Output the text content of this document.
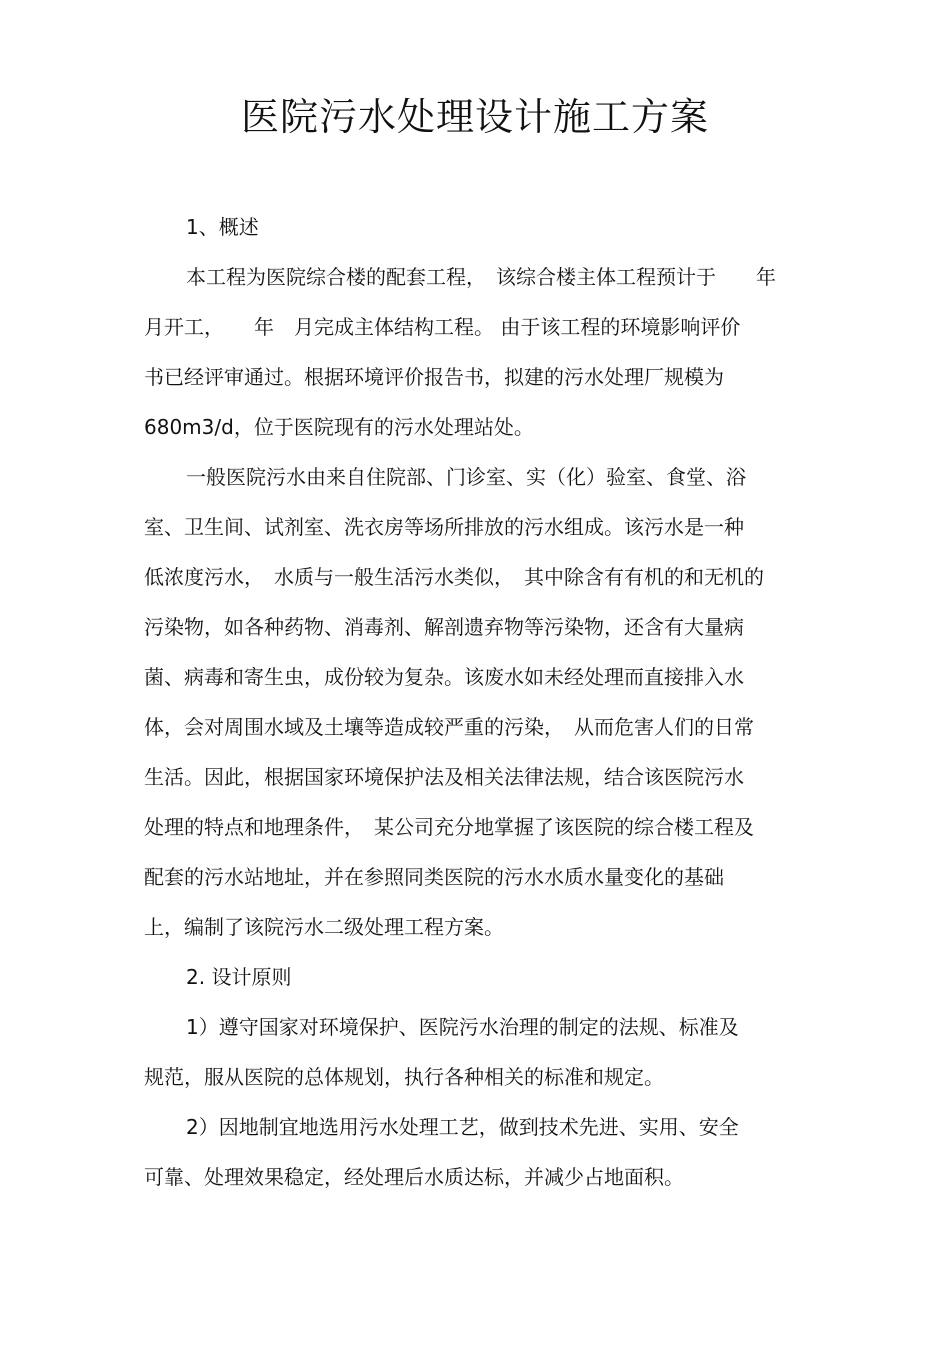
医院污水处理设计施工方案
1、概述
本工程为医院综合楼的配套工程，　该综合楼主体工程预计于　　年
月开工，　　年　月完成主体结构工程。 由于该工程的环境影响评价
书已经评审通过。根据环境评价报告书，拟建的污水处理厂规模为
680m3/d，位于医院现有的污水处理站处。
一般医院污水由来自住院部、门诊室、实（化）验室、食堂、浴
室、卫生间、试剂室、洗衣房等场所排放的污水组成。该污水是一种
低浓度污水，　水质与一般生活污水类似，　其中除含有有机的和无机的
污染物，如各种药物、消毒剂、解剖遗弃物等污染物，还含有大量病
菌、病毒和寄生虫，成份较为复杂。该废水如未经处理而直接排入水
体，会对周围水域及土壤等造成较严重的污染，　从而危害人们的日常
生活。因此，根据国家环境保护法及相关法律法规，结合该医院污水
处理的特点和地理条件，　某公司充分地掌握了该医院的综合楼工程及
配套的污水站地址，并在参照同类医院的污水水质水量变化的基础
上，编制了该院污水二级处理工程方案。
2. 设计原则
1）遵守国家对环境保护、医院污水治理的制定的法规、标准及
规范，服从医院的总体规划，执行各种相关的标准和规定。
2）因地制宜地选用污水处理工艺，做到技术先进、实用、安全
可靠、处理效果稳定，经处理后水质达标，并减少占地面积。
